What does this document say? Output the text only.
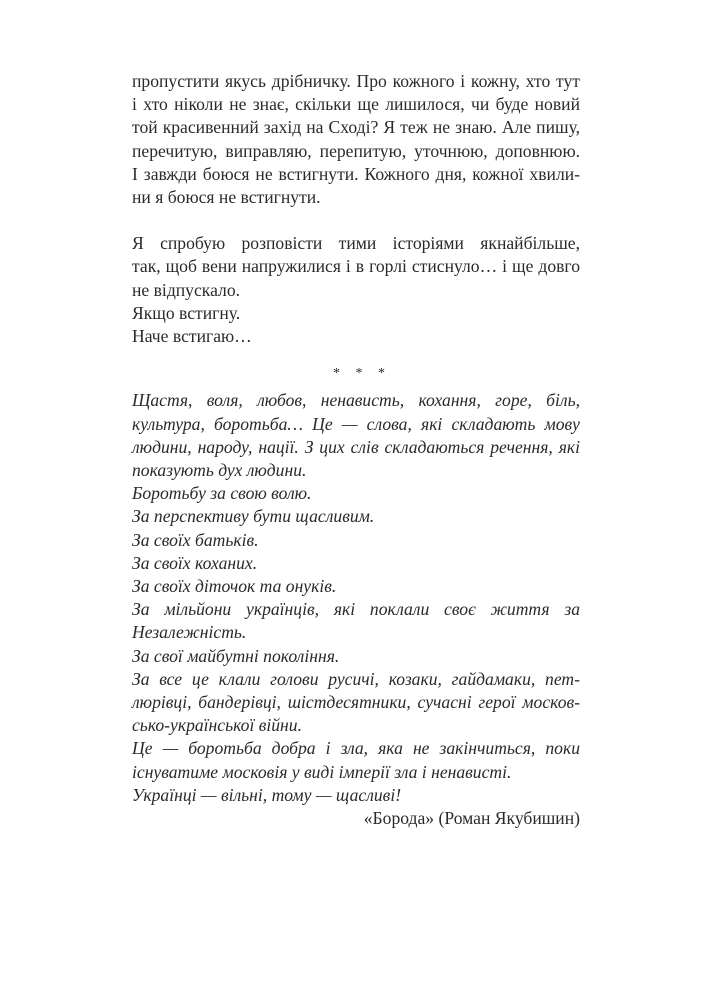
пропустити якусь дрібничку. Про кожного і кожну, хто тут
і хто ніколи не знає, скільки ще лишилося, чи буде новий
той красивенний захід на Сході? Я теж не знаю. Але пишу,
перечитую, виправляю, перепитую, уточнюю, доповнюю.
І завжди боюся не встигнути. Кожного дня, кожної хвили-
ни я боюся не встигнути.
Я спробую розповісти тими історіями якнайбільше,
так, щоб вени напружилися і в горлі стиснуло… і ще довго
не відпускало.
Якщо встигну.
Наче встигаю…
* * *
Щастя, воля, любов, ненависть, кохання, горе, біль,
культура, боротьба… Це — слова, які складають мову
людини, народу, нації. З цих слів складаються речення, які
показують дух людини.
Боротьбу за свою волю.
За перспективу бути щасливим.
За своїх батьків.
За своїх коханих.
За своїх діточок та онуків.
За мільйони українців, які поклали своє життя за
Незалежність.
За свої майбутні покоління.
За все це клали голови русичі, козаки, гайдамаки, пет-
люрівці, бандерівці, шістдесятники, сучасні герої москов-
сько-української війни.
Це — боротьба добра і зла, яка не закінчиться, поки
існуватиме московія у виді імперії зла і ненависті.
Українці — вільні, тому — щасливі!
«Борода» (Роман Якубишин)
